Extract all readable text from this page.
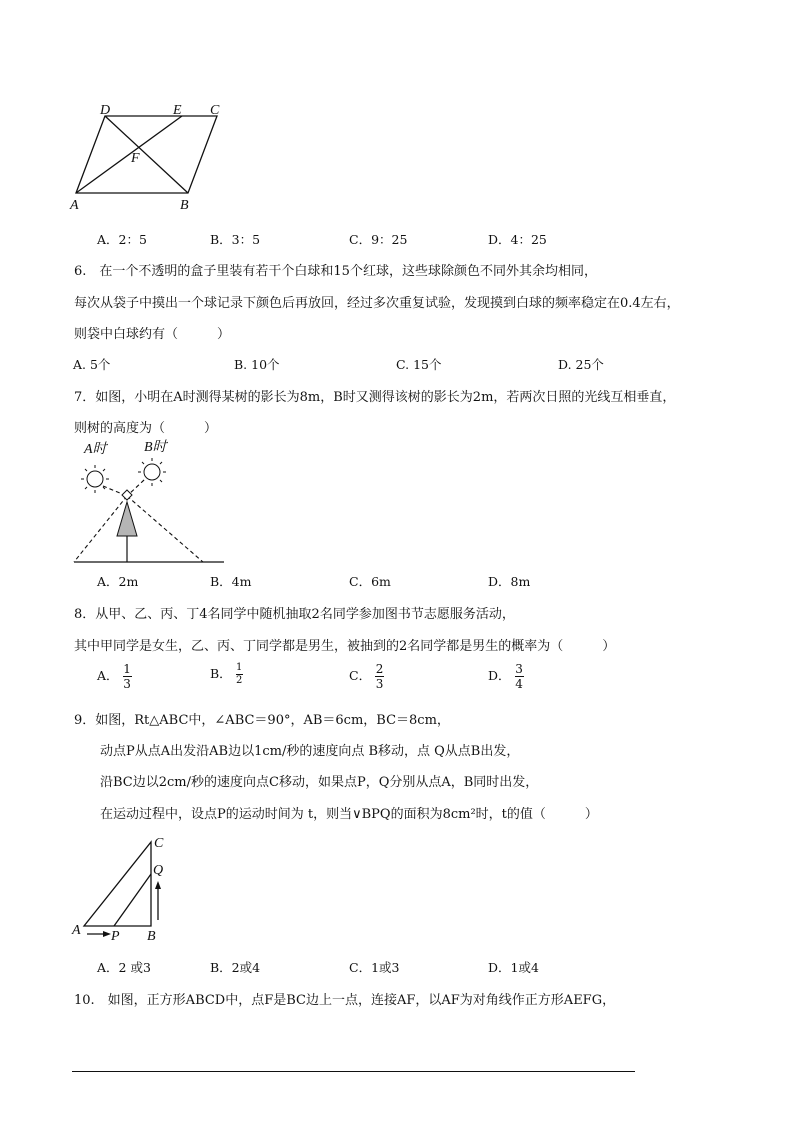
D	E C
F
A	B
A．2：5	B．3：5	C．9：25	D．4：25
6.　在一个不透明的盒子里装有若干个白球和15个红球，这些球除颜色不同外其余均相同，
每次从袋子中摸出一个球记录下颜色后再放回，经过多次重复试验，发现摸到白球的频率稳定在0.4左右，
则袋中白球约有（　　　）
A. 5个	B. 10个	C. 15个	D. 25个
7．如图，小明在A时测得某树的影长为8m，B时又测得该树的影长为2m，若两次日照的光线互相垂直，
则树的高度为（　　　）
A时	B时
A．2m	B．4m	C．6m	D．8m
8．从甲、乙、丙、丁4名同学中随机抽取2名同学参加图书节志愿服务活动，
其中甲同学是女生，乙、丙、丁同学都是男生，被抽到的2名同学都是男生的概率为（　　　）
A． $\frac{1}{3}$	B． $\frac{1}{2}$	C． $\frac{2}{3}$	D． $\frac{3}{4}$
9．如图，Rt△ABC中，∠ABC＝90°，AB＝6cm，BC＝8cm，
动点P从点A出发沿AB边以1cm/秒的速度向点 B移动，点 Q从点B出发，
沿BC边以2cm/秒的速度向点C移动，如果点P，Q分别从点A，B同时出发，
在运动过程中，设点P的运动时间为 t，则当∨BPQ的面积为8cm²时，t的值（　　　）
C
Q
A P B
A．2 或3	B．2或4	C．1或3	D．1或4
10.　如图，正方形ABCD中，点F是BC边上一点，连接AF，以AF为对角线作正方形AEFG，
